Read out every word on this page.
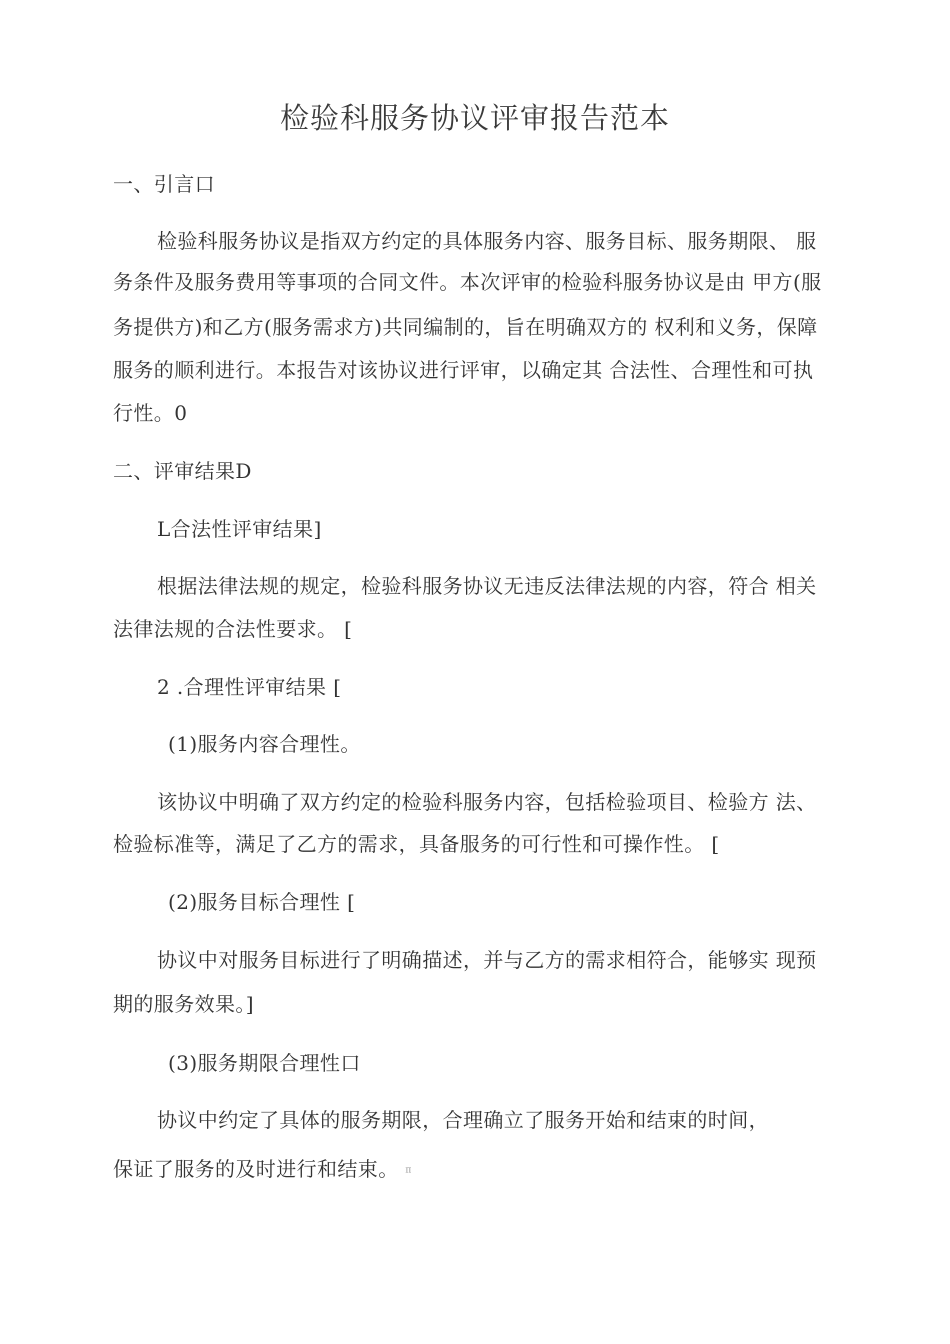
检验科服务协议评审报告范本
一、引言口
检验科服务协议是指双方约定的具体服务内容、服务目标、服务期限、 服
务条件及服务费用等事项的合同文件。本次评审的检验科服务协议是由 甲方(服
务提供方)和乙方(服务需求方)共同编制的，旨在明确双方的 权利和义务，保障
服务的顺利进行。本报告对该协议进行评审，以确定其 合法性、合理性和可执
行性。0
二、评审结果D
L合法性评审结果]
根据法律法规的规定，检验科服务协议无违反法律法规的内容，符合 相关
法律法规的合法性要求。 [
2 .合理性评审结果 [
(1)服务内容合理性。
该协议中明确了双方约定的检验科服务内容，包括检验项目、检验方 法、
检验标准等，满足了乙方的需求，具备服务的可行性和可操作性。 [
(2)服务目标合理性 [
协议中对服务目标进行了明确描述，并与乙方的需求相符合，能够实 现预
期的服务效果。]
(3)服务期限合理性口
协议中约定了具体的服务期限，合理确立了服务开始和结束的时间，
保证了服务的及时进行和结束。 π
